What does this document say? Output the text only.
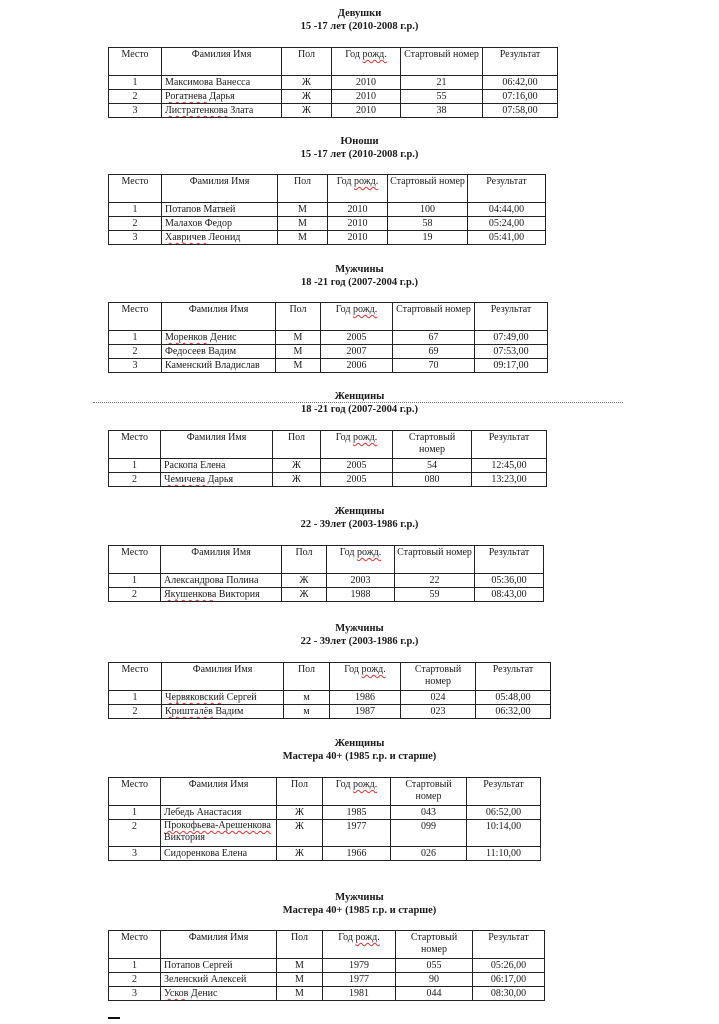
Девушки
15 -17 лет (2010-2008 г.р.)
Юноши
15 -17 лет (2010-2008 г.р.)
Мужчины
18 -21 год (2007-2004 г.р.)
Женщины
18 -21 год (2007-2004 г.р.)
Женщины
22 - 39лет (2003-1986 г.р.)
Мужчины
22 - 39лет (2003-1986 г.р.)
Женщины
Мастера 40+ (1985 г.р. и старше)
Мужчины
Мастера 40+ (1985 г.р. и старше)
Место	Фамилия Имя	Пол	Год рожд.	Стартовый номер	Результат
1	Максимова Ванесса	Ж	2010	21	06:42,00
2	Рогатнева Дарья	Ж	2010	55	07:16,00
3	Листратенкова Злата	Ж	2010	38	07:58,00
Место	Фамилия Имя	Пол	Год рожд.	Стартовый номер	Результат
1	Потапов Матвей	М	2010	100	04:44,00
2	Малахов Федор	М	2010	58	05:24,00
3	Хавричев Леонид	М	2010	19	05:41,00
Место	Фамилия Имя	Пол	Год рожд.	Стартовый номер	Результат
1	Моренков Денис	М	2005	67	07:49,00
2	Федосеев Вадим	М	2007	69	07:53,00
3	Каменский Владислав	М	2006	70	09:17,00
Место	Фамилия Имя	Пол	Год рожд.	Стартовый номер	Результат
1	Раскопа Елена	Ж	2005	54	12:45,00
2	Чемичева Дарья	Ж	2005	080	13:23,00
Место	Фамилия Имя	Пол	Год рожд.	Стартовый номер	Результат
1	Александрова Полина	Ж	2003	22	05:36,00
2	Якушенкова Виктория	Ж	1988	59	08:43,00
Место	Фамилия Имя	Пол	Год рожд.	Стартовый номер	Результат
1	Червяковский Сергей	м	1986	024	05:48,00
2	Кришталёв Вадим	м	1987	023	06:32,00
Место	Фамилия Имя	Пол	Год рожд.	Стартовый номер	Результат
1	Лебедь Анастасия	Ж	1985	043	06:52,00
2	Прокофьева-Арешенкова Виктория	Ж	1977	099	10:14,00
3	Сидоренкова Елена	Ж	1966	026	11:10,00
Место	Фамилия Имя	Пол	Год рожд.	Стартовый номер	Результат
1	Потапов Сергей	М	1979	055	05:26,00
2	Зеленский Алексей	М	1977	90	06:17,00
3	Усков Денис	М	1981	044	08:30,00
